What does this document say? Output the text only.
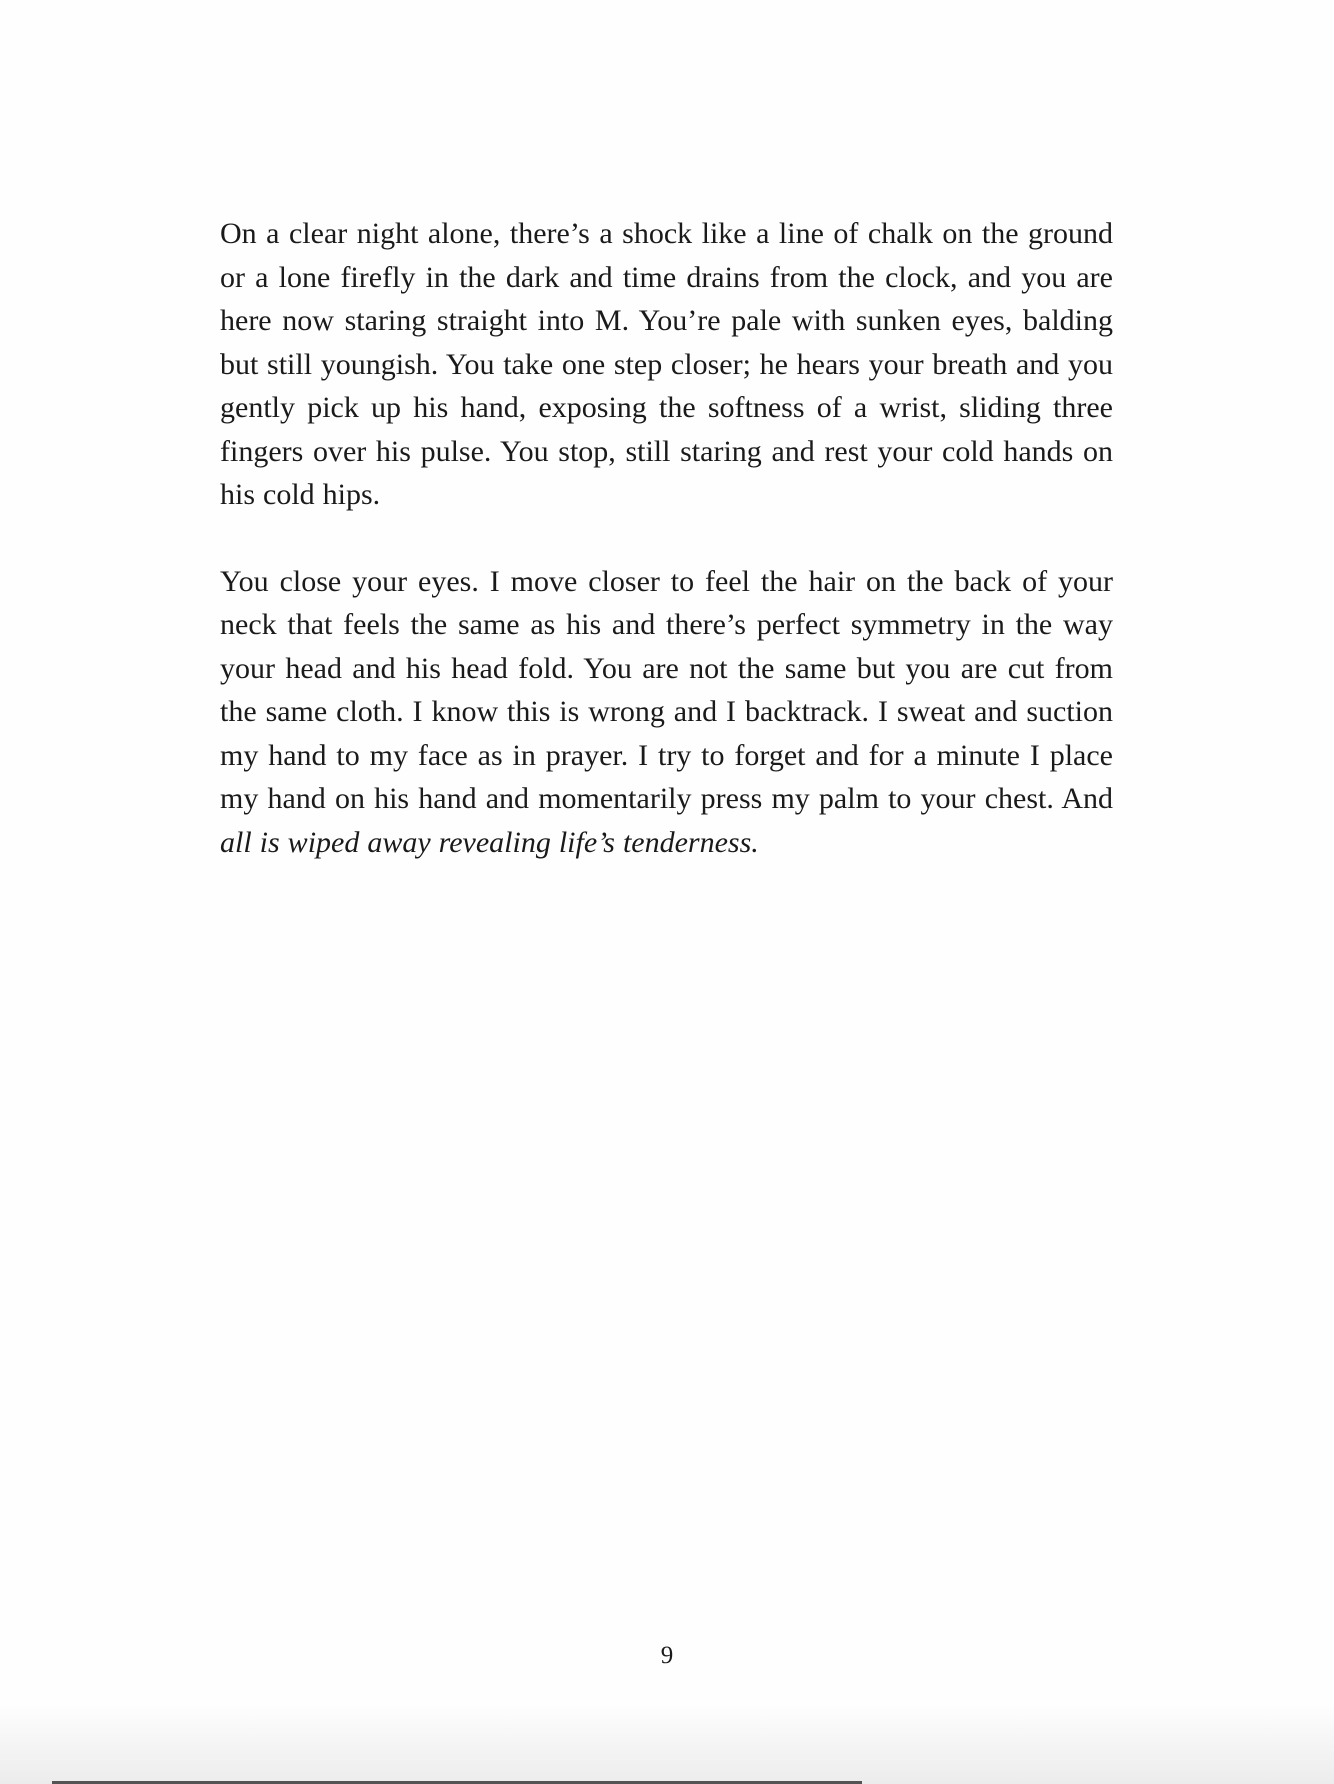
On a clear night alone, there’s a shock like a line of chalk on the ground or a lone firefly in the dark and time drains from the clock, and you are here now staring straight into M. You’re pale with sunken eyes, balding but still youngish. You take one step closer; he hears your breath and you gently pick up his hand, exposing the softness of a wrist, sliding three fingers over his pulse. You stop, still staring and rest your cold hands on his cold hips.

You close your eyes. I move closer to feel the hair on the back of your neck that feels the same as his and there’s perfect symmetry in the way your head and his head fold. You are not the same but you are cut from the same cloth. I know this is wrong and I backtrack. I sweat and suction my hand to my face as in prayer. I try to forget and for a minute I place my hand on his hand and momentarily press my palm to your chest. And all is wiped away revealing life’s tenderness.

9
